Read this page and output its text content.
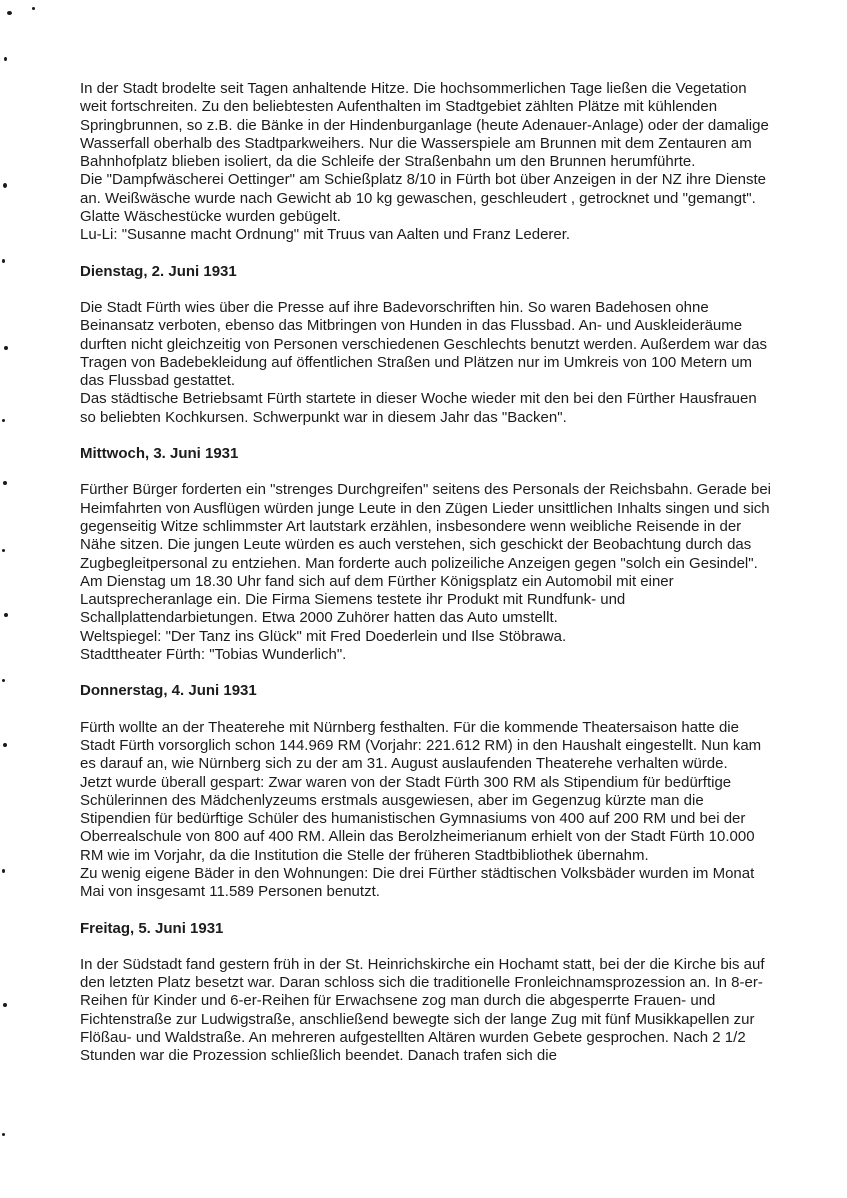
In der Stadt brodelte seit Tagen anhaltende Hitze. Die hochsommerlichen Tage ließen die Vegetation weit fortschreiten. Zu den beliebtesten Aufenthalten im Stadtgebiet zählten Plätze mit kühlenden Springbrunnen, so z.B. die Bänke in der Hindenburganlage (heute Adenauer-Anlage) oder der damalige Wasserfall oberhalb des Stadtparkweihers. Nur die Wasserspiele am Brunnen mit dem Zentauren am Bahnhofplatz blieben isoliert, da die Schleife der Straßenbahn um den Brunnen herumführte.

Die "Dampfwäscherei Oettinger" am Schießplatz 8/10 in Fürth bot über Anzeigen in der NZ ihre Dienste an. Weißwäsche wurde nach Gewicht ab 10 kg gewaschen, geschleudert , getrocknet und "gemangt". Glatte Wäschestücke wurden gebügelt.

Lu-Li: "Susanne macht Ordnung" mit Truus van Aalten und Franz Lederer.

Dienstag, 2. Juni 1931

Die Stadt Fürth wies über die Presse auf ihre Badevorschriften hin. So waren Badehosen ohne Beinansatz verboten, ebenso das Mitbringen von Hunden in das Flussbad. An- und Auskleideräume durften nicht gleichzeitig von Personen verschiedenen Geschlechts benutzt werden. Außerdem war das Tragen von Badebekleidung auf öffentlichen Straßen und Plätzen nur im Umkreis von 100 Metern um das Flussbad gestattet.

Das städtische Betriebsamt Fürth startete in dieser Woche wieder mit den bei den Fürther Hausfrauen so beliebten Kochkursen. Schwerpunkt war in diesem Jahr das "Backen".

Mittwoch, 3. Juni 1931

Fürther Bürger forderten ein "strenges Durchgreifen" seitens des Personals der Reichsbahn. Gerade bei Heimfahrten von Ausflügen würden junge Leute in den Zügen Lieder unsittlichen Inhalts singen und sich gegenseitig Witze schlimmster Art lautstark erzählen, insbesondere wenn weibliche Reisende in der Nähe sitzen. Die jungen Leute würden es auch verstehen, sich geschickt der Beobachtung durch das Zugbegleitpersonal zu entziehen. Man forderte auch polizeiliche Anzeigen gegen "solch ein Gesindel".

Am Dienstag um 18.30 Uhr fand sich auf dem Fürther Königsplatz ein Automobil mit einer Lautsprecheranlage ein. Die Firma Siemens testete ihr Produkt mit Rundfunk- und Schallplattendarbietungen. Etwa 2000 Zuhörer hatten das Auto umstellt.

Weltspiegel: "Der Tanz ins Glück" mit Fred Doederlein und Ilse Stöbrawa.

Stadttheater Fürth: "Tobias Wunderlich".

Donnerstag, 4. Juni 1931

Fürth wollte an der Theaterehe mit Nürnberg festhalten. Für die kommende Theatersaison hatte die Stadt Fürth vorsorglich schon 144.969 RM (Vorjahr: 221.612 RM) in den Haushalt eingestellt. Nun kam es darauf an, wie Nürnberg sich zu der am 31. August auslaufenden Theaterehe verhalten würde.

Jetzt wurde überall gespart: Zwar waren von der Stadt Fürth 300 RM als Stipendium für bedürftige Schülerinnen des Mädchenlyzeums erstmals ausgewiesen, aber im Gegenzug kürzte man die Stipendien für bedürftige Schüler des humanistischen Gymnasiums von 400 auf 200 RM und bei der Oberrealschule von 800 auf 400 RM. Allein das Berolzheimerianum erhielt von der Stadt Fürth 10.000 RM wie im Vorjahr, da die Institution die Stelle der früheren Stadtbibliothek übernahm.

Zu wenig eigene Bäder in den Wohnungen: Die drei Fürther städtischen Volksbäder wurden im Monat Mai von insgesamt 11.589 Personen benutzt.

Freitag, 5. Juni 1931

In der Südstadt fand gestern früh in der St. Heinrichskirche ein Hochamt statt, bei der die Kirche bis auf den letzten Platz besetzt war. Daran schloss sich die traditionelle Fronleichnamsprozession an. In 8-er-Reihen für Kinder und 6-er-Reihen für Erwachsene zog man durch die abgesperrte Frauen- und Fichtenstraße zur Ludwigstraße, anschließend bewegte sich der lange Zug mit fünf Musikkapellen zur Flößau- und Waldstraße. An mehreren aufgestellten Altären wurden Gebete gesprochen. Nach 2 1/2 Stunden war die Prozession schließlich beendet. Danach trafen sich die
